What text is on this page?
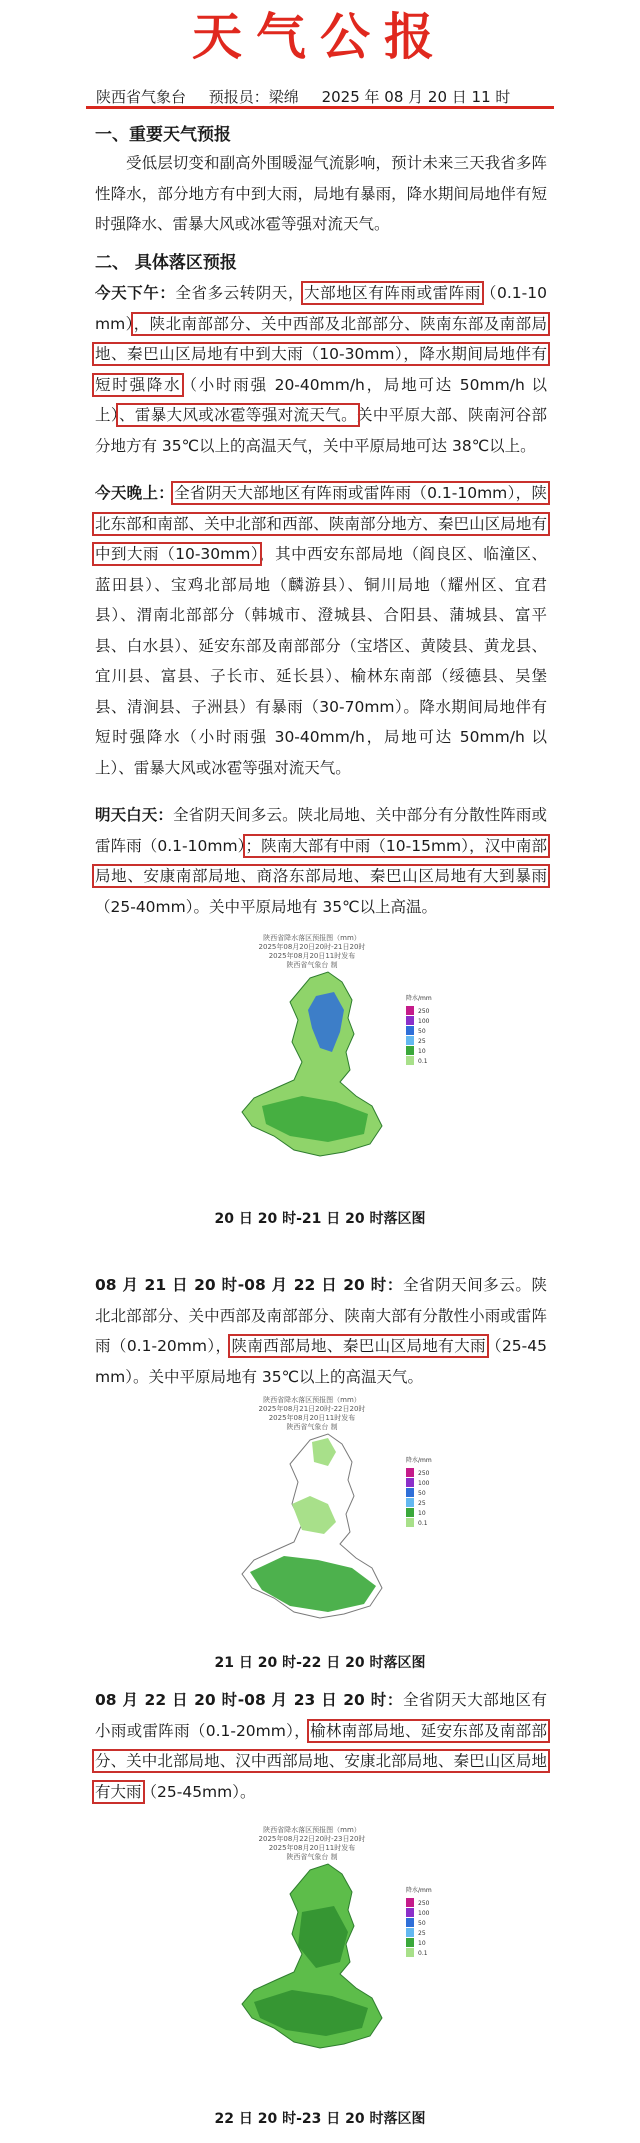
天气公报
陕西省气象台 预报员：梁绵 2025 年 08 月 20 日 11 时
一、重要天气预报
受低层切变和副高外围暖湿气流影响，预计未来三天我省多阵性降水，部分地方有中到大雨，局地有暴雨，降水期间局地伴有短时强降水、雷暴大风或冰雹等强对流天气。
二、 具体落区预报
今天下午：全省多云转阴天，大部地区有阵雨或雷阵雨（0.1-10mm），陕北南部部分、关中西部及北部部分、陕南东部及南部局地、秦巴山区局地有中到大雨（10-30mm），降水期间局地伴有短时强降水（小时雨强 20-40mm/h，局地可达 50mm/h 以上）、雷暴大风或冰雹等强对流天气。关中平原大部、陕南河谷部分地方有 35℃以上的高温天气，关中平原局地可达 38℃以上。
今天晚上：全省阴天大部地区有阵雨或雷阵雨（0.1-10mm），陕北东部和南部、关中北部和西部、陕南部分地方、秦巴山区局地有中到大雨（10-30mm），其中西安东部局地（阎良区、临潼区、蓝田县）、宝鸡北部局地（麟游县）、铜川局地（耀州区、宜君县）、渭南北部部分（韩城市、澄城县、合阳县、蒲城县、富平县、白水县）、延安东部及南部部分（宝塔区、黄陵县、黄龙县、宜川县、富县、子长市、延长县）、榆林东南部（绥德县、吴堡县、清涧县、子洲县）有暴雨（30-70mm）。降水期间局地伴有短时强降水（小时雨强 30-40mm/h，局地可达 50mm/h 以上）、雷暴大风或冰雹等强对流天气。
明天白天：全省阴天间多云。陕北局地、关中部分有分散性阵雨或雷阵雨（0.1-10mm）；陕南大部有中雨（10-15mm），汉中南部局地、安康南部局地、商洛东部局地、秦巴山区局地有大到暴雨（25-40mm）。关中平原局地有 35℃以上高温。
陕西省降水落区预报图（mm）
2025年08月20日20时-21日20时
2025年08月20日11时发布
陕西省气象台 制
降水/mm
250
100
50
25
10
0.1
20 日 20 时-21 日 20 时落区图
08 月 21 日 20 时-08 月 22 日 20 时：全省阴天间多云。陕北北部部分、关中西部及南部部分、陕南大部有分散性小雨或雷阵雨（0.1-20mm），陕南西部局地、秦巴山区局地有大雨（25-45mm）。关中平原局地有 35℃以上的高温天气。
陕西省降水落区预报图（mm）
2025年08月21日20时-22日20时
2025年08月20日11时发布
陕西省气象台 制
降水/mm
250
100
50
25
10
0.1
21 日 20 时-22 日 20 时落区图
08 月 22 日 20 时-08 月 23 日 20 时：全省阴天大部地区有小雨或雷阵雨（0.1-20mm），榆林南部局地、延安东部及南部部分、关中北部局地、汉中西部局地、安康北部局地、秦巴山区局地有大雨（25-45mm）。
陕西省降水落区预报图（mm）
2025年08月22日20时-23日20时
2025年08月20日11时发布
陕西省气象台 制
降水/mm
250
100
50
25
10
0.1
22 日 20 时-23 日 20 时落区图
